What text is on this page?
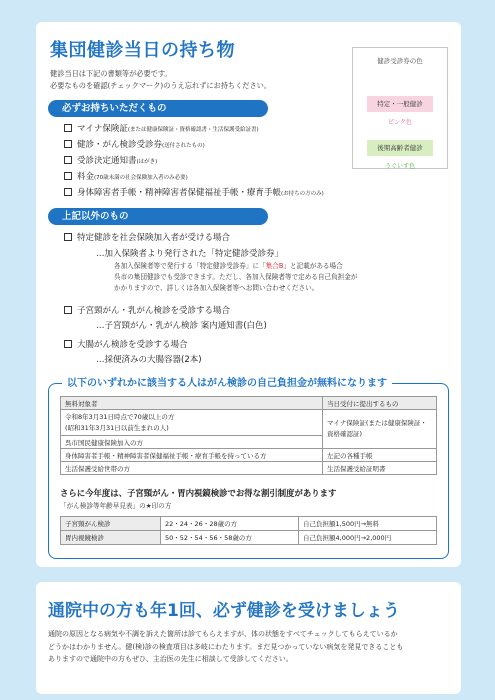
集団健診当日の持ち物
健診当日は下記の書類等が必要です。
必要なものを確認(チェックマーク)のうえ忘れずにお持ちください。
健診受診券の色
特定・一般健診
ピンク色
後期高齢者健診
うぐいす色
必ずお持ちいただくもの
マイナ保険証(または健康保険証・資格確認書・生活保護受給証書)
健診・がん検診受診券(送付されたもの)
受診決定通知書(はがき)
料金(70歳未満の社会保険加入者のみ必要)
身体障害者手帳・精神障害者保健福祉手帳・療育手帳(お持ちの方のみ)
上記以外のもの
特定健診を社会保険加入者が受ける場合
…加入保険者より発行された「特定健診受診券」
各加入保険者等で発行する「特定健診受診券」に「集合B」と記載がある場合
呉市の集団健診でも受診できます。ただし、各加入保険者等で定める自己負担金が
かかりますので、詳しくは各加入保険者等へお問い合わせください。
子宮頸がん・乳がん検診を受診する場合
…子宮頸がん・乳がん検診 案内通知書(白色)
大腸がん検診を受診する場合
…採便済みの大腸容器(2本)
以下のいずれかに該当する人はがん検診の自己負担金が無料になります
無料対象者	当日受付に提出するもの

令和8年3月31日時点で70歳以上の方
(昭和31年3月31日以前生まれの人)	マイナ保険証(または健康保険証・資格確認証)
呉市国民健康保険加入の方	
身体障害者手帳・精神障害者保健福祉手帳・療育手帳を持っている方	左記の各種手帳
生活保護受給世帯の方	生活保護受給証明書
さらに今年度は、子宮頸がん・胃内視鏡検診でお得な割引制度があります
「がん検診等年齢早見表」の★印の方
子宮頸がん検診	22・24・26・28歳の方	自己負担額1,500円→無料
胃内視鏡検診	50・52・54・56・58歳の方	自己負担額4,000円→2,000円
通院中の方も年1回、必ず健診を受けましょう
通院の原因となる病気や不調を訴えた箇所は診てもらえますが、体の状態をすべてチェックしてもらえているか
どうかはわかりません。健(検)診の検査項目は多岐にわたります。まだ見つかっていない病気を発見できることも
ありますので通院中の方もぜひ、主治医の先生に相談して受診してください。
